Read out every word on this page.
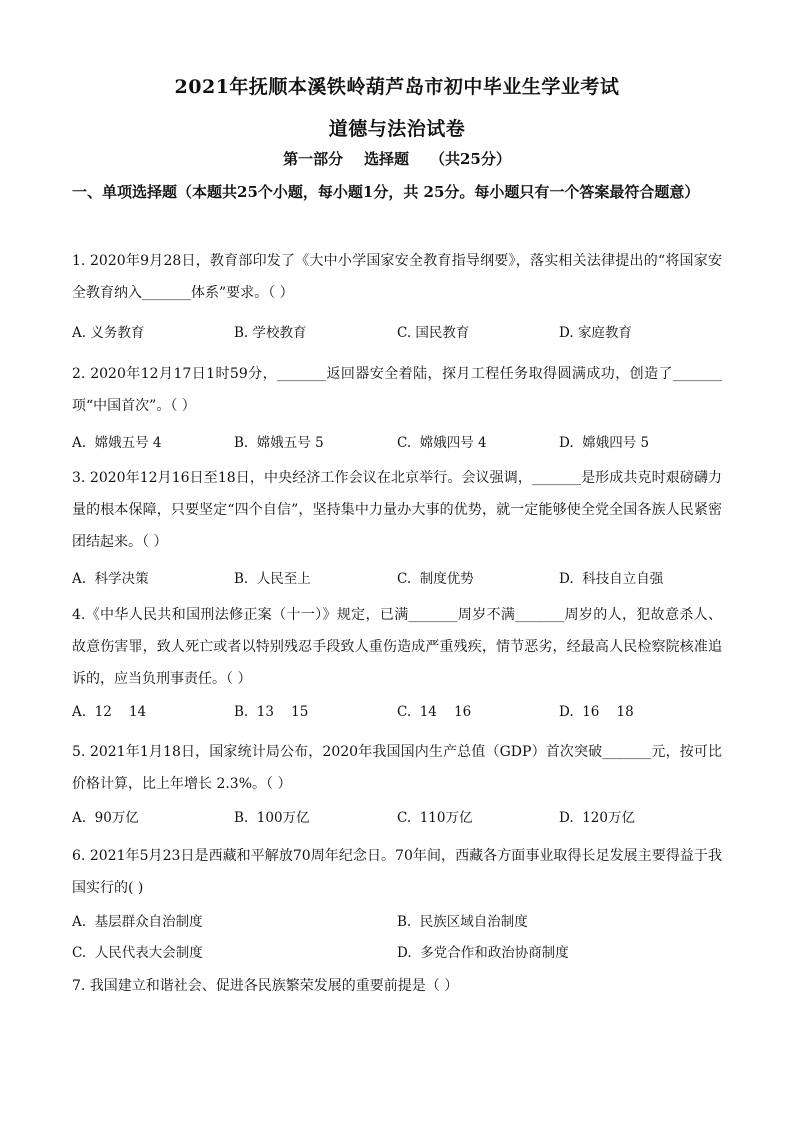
2021年抚顺本溪铁岭葫芦岛市初中毕业生学业考试
道德与法治试卷
第一部分    选择题    （共25分）
一、单项选择题（本题共25个小题，每小题1分，共 25分。每小题只有一个答案最符合题意）
1. 2020年9月28日，教育部印发了《大中小学国家安全教育指导纲要》，落实相关法律提出的“将国家安全教育纳入_______体系”要求。（ ）
A. 义务教育	B. 学校教育	C. 国民教育	D. 家庭教育
2. 2020年12月17日1时59分，_______返回器安全着陆，探月工程任务取得圆满成功，创造了_______项“中国首次”。（ ）
A.  嫦娥五号 4	B.  嫦娥五号 5	C.  嫦娥四号 4	D.  嫦娥四号 5
3. 2020年12月16日至18日，中央经济工作会议在北京举行。会议强调，_______是形成共克时艰磅礴力量的根本保障，只要坚定“四个自信”，坚持集中力量办大事的优势，就一定能够使全党全国各族人民紧密团结起来。（ ）
A.  科学决策	B.  人民至上	C.  制度优势	D.  科技自立自强
4.《中华人民共和国刑法修正案（十一）》规定，已满_______周岁不满_______周岁的人，犯故意杀人、故意伤害罪，致人死亡或者以特别残忍手段致人重伤造成严重残疾，情节恶劣，经最高人民检察院核准追诉的，应当负刑事责任。（ ）
A.  12    14	B.  13    15	C.  14    16	D.  16    18
5. 2021年1月18日，国家统计局公布，2020年我国国内生产总值（GDP）首次突破_______元，按可比价格计算，比上年增长 2.3%。（ ）
A.  90万亿	B.  100万亿	C.  110万亿	D.  120万亿
6. 2021年5月23日是西藏和平解放70周年纪念日。70年间，西藏各方面事业取得长足发展主要得益于我国实行的( )
A.  基层群众自治制度	B.  民族区域自治制度
C.  人民代表大会制度	D.  多党合作和政治协商制度
7. 我国建立和谐社会、促进各民族繁荣发展的重要前提是（ ）
